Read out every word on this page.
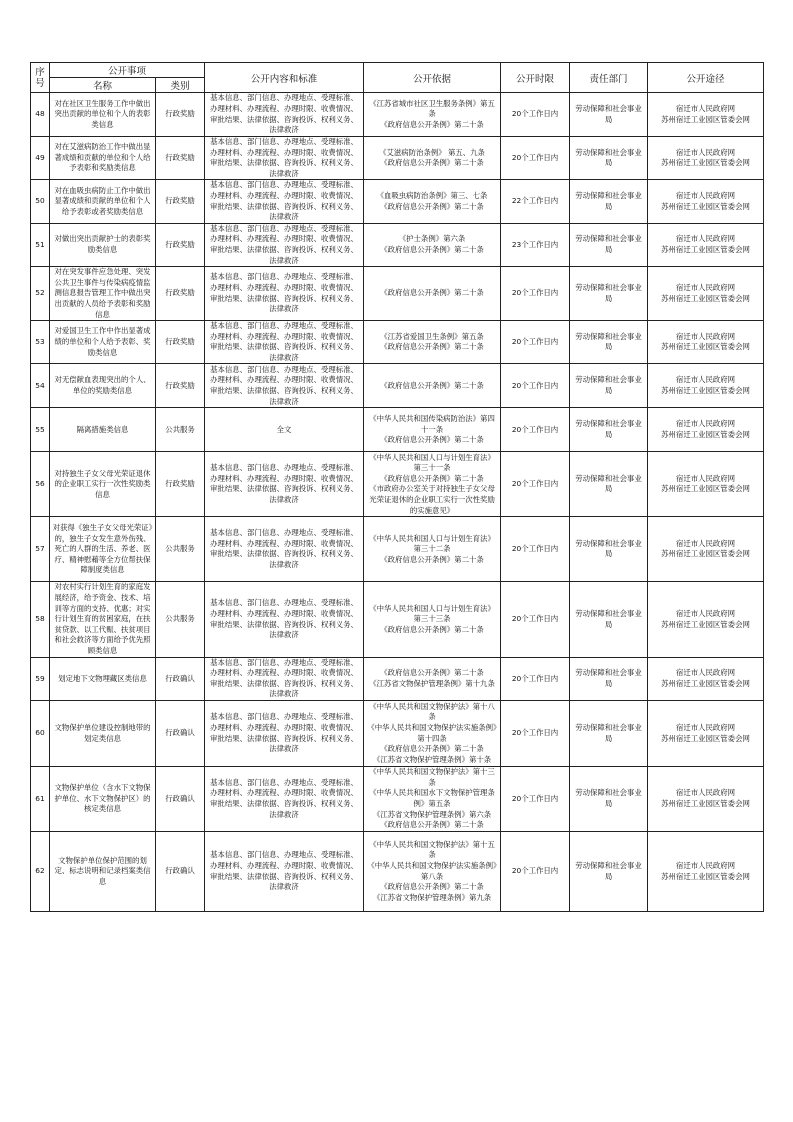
序
号	公开事项		公开内容和标准	公开依据	公开时限	责任部门	公开途径
	名称	类别					
48	对在社区卫生服务工作中做出突出贡献的单位和个人的表彰类信息	行政奖励	基本信息、部门信息、办理地点、受理标准、办理材料、办理流程、办理时限、收费情况、审批结果、法律依据、咨询投诉、权利义务、法律救济	《江苏省城市社区卫生服务条例》第五条
《政府信息公开条例》第二十条	20个工作日内	劳动保障和社会事业局	宿迁市人民政府网
苏州宿迁工业园区管委会网
49	对在艾滋病防治工作中做出显著成绩和贡献的单位和个人给予表彰和奖励类信息	行政奖励	基本信息、部门信息、办理地点、受理标准、办理材料、办理流程、办理时限、收费情况、审批结果、法律依据、咨询投诉、权利义务、法律救济	《艾滋病防治条例》 第五、九条
《政府信息公开条例》第二十条	20个工作日内	劳动保障和社会事业局	宿迁市人民政府网
苏州宿迁工业园区管委会网
50	对在血吸虫病防止工作中做出显著成绩和贡献的单位和个人给予表彰或者奖励类信息	行政奖励	基本信息、部门信息、办理地点、受理标准、办理材料、办理流程、办理时限、收费情况、审批结果、法律依据、咨询投诉、权利义务、法律救济	《血吸虫病防治条例》第三、七条
《政府信息公开条例》第二十条	22个工作日内	劳动保障和社会事业局	宿迁市人民政府网
苏州宿迁工业园区管委会网
51	对做出突出贡献护士的表彰奖励类信息	行政奖励	基本信息、部门信息、办理地点、受理标准、办理材料、办理流程、办理时限、收费情况、审批结果、法律依据、咨询投诉、权利义务、法律救济	《护士条例》第六条
《政府信息公开条例》第二十条	23个工作日内	劳动保障和社会事业局	宿迁市人民政府网
苏州宿迁工业园区管委会网
52	对在突发事件应急处理、突发公共卫生事件与传染病疫情监测信息报告管理工作中做出突出贡献的人员给予表彰和奖励信息	行政奖励	基本信息、部门信息、办理地点、受理标准、办理材料、办理流程、办理时限、收费情况、审批结果、法律依据、咨询投诉、权利义务、法律救济	《政府信息公开条例》第二十条	20个工作日内	劳动保障和社会事业局	宿迁市人民政府网
苏州宿迁工业园区管委会网
53	对爱国卫生工作中作出显著成绩的单位和个人给予表彰、奖励类信息	行政奖励	基本信息、部门信息、办理地点、受理标准、办理材料、办理流程、办理时限、收费情况、审批结果、法律依据、咨询投诉、权利义务、法律救济	《江苏省爱国卫生条例》第五条
《政府信息公开条例》第二十条	20个工作日内	劳动保障和社会事业局	宿迁市人民政府网
苏州宿迁工业园区管委会网
54	对无偿献血表现突出的个人、单位的奖励类信息	行政奖励	基本信息、部门信息、办理地点、受理标准、办理材料、办理流程、办理时限、收费情况、审批结果、法律依据、咨询投诉、权利义务、法律救济	《政府信息公开条例》第二十条	20个工作日内	劳动保障和社会事业局	宿迁市人民政府网
苏州宿迁工业园区管委会网
55	隔离措施类信息	公共服务	全文	《中华人民共和国传染病防治法》第四十一条
《政府信息公开条例》第二十条	20个工作日内	劳动保障和社会事业局	宿迁市人民政府网
苏州宿迁工业园区管委会网
56	对持独生子女父母光荣证退休的企业职工实行一次性奖励类信息	行政奖励	基本信息、部门信息、办理地点、受理标准、办理材料、办理流程、办理时限、收费情况、审批结果、法律依据、咨询投诉、权利义务、法律救济	《中华人民共和国人口与计划生育法》第三十一条
《政府信息公开条例》第二十条
《市政府办公室关于对持独生子女父母光荣证退休的企业职工实行一次性奖励的实施意见》	20个工作日内	劳动保障和社会事业局	宿迁市人民政府网
苏州宿迁工业园区管委会网
57	对获得《独生子女父母光荣证》的，独生子女发生意外伤残、死亡的人群的生活、养老、医疗、精神慰藉等全方位帮扶保障制度类信息	公共服务	基本信息、部门信息、办理地点、受理标准、办理材料、办理流程、办理时限、收费情况、审批结果、法律依据、咨询投诉、权利义务、法律救济	《中华人民共和国人口与计划生育法》第三十二条
《政府信息公开条例》第二十条	20个工作日内	劳动保障和社会事业局	宿迁市人民政府网
苏州宿迁工业园区管委会网
58	对农村实行计划生育的家庭发展经济，给予资金、技术、培训等方面的支持、优惠；对实行计划生育的贫困家庭，在扶贫贷款、以工代赈、扶贫项目和社会救济等方面给予优先照顾类信息	公共服务	基本信息、部门信息、办理地点、受理标准、办理材料、办理流程、办理时限、收费情况、审批结果、法律依据、咨询投诉、权利义务、法律救济	《中华人民共和国人口与计划生育法》第三十三条
《政府信息公开条例》第二十条	20个工作日内	劳动保障和社会事业局	宿迁市人民政府网
苏州宿迁工业园区管委会网
59	划定地下文物埋藏区类信息	行政确认	基本信息、部门信息、办理地点、受理标准、办理材料、办理流程、办理时限、收费情况、审批结果、法律依据、咨询投诉、权利义务、法律救济	《政府信息公开条例》第二十条
《江苏省文物保护管理条例》第十九条	20个工作日内	劳动保障和社会事业局	宿迁市人民政府网
苏州宿迁工业园区管委会网
60	文物保护单位建设控制地带的划定类信息	行政确认	基本信息、部门信息、办理地点、受理标准、办理材料、办理流程、办理时限、收费情况、审批结果、法律依据、咨询投诉、权利义务、法律救济	《中华人民共和国文物保护法》第十八条
《中华人民共和国文物保护法实施条例》第十四条
《政府信息公开条例》第二十条
《江苏省文物保护管理条例》第十条	20个工作日内	劳动保障和社会事业局	宿迁市人民政府网
苏州宿迁工业园区管委会网
61	文物保护单位（含水下文物保护单位、水下文物保护区）的核定类信息	行政确认	基本信息、部门信息、办理地点、受理标准、办理材料、办理流程、办理时限、收费情况、审批结果、法律依据、咨询投诉、权利义务、法律救济	《中华人民共和国文物保护法》第十三条
《中华人民共和国水下文物保护管理条例》第五条
《江苏省文物保护管理条例》第六条
《政府信息公开条例》第二十条	20个工作日内	劳动保障和社会事业局	宿迁市人民政府网
苏州宿迁工业园区管委会网
62	文物保护单位保护范围的划定、标志说明和记录档案类信息	行政确认	基本信息、部门信息、办理地点、受理标准、办理材料、办理流程、办理时限、收费情况、审批结果、法律依据、咨询投诉、权利义务、法律救济	《中华人民共和国文物保护法》第十五条
《中华人民共和国文物保护法实施条例》第八条
《政府信息公开条例》第二十条
《江苏省文物保护管理条例》第九条	20个工作日内	劳动保障和社会事业局	宿迁市人民政府网
苏州宿迁工业园区管委会网
